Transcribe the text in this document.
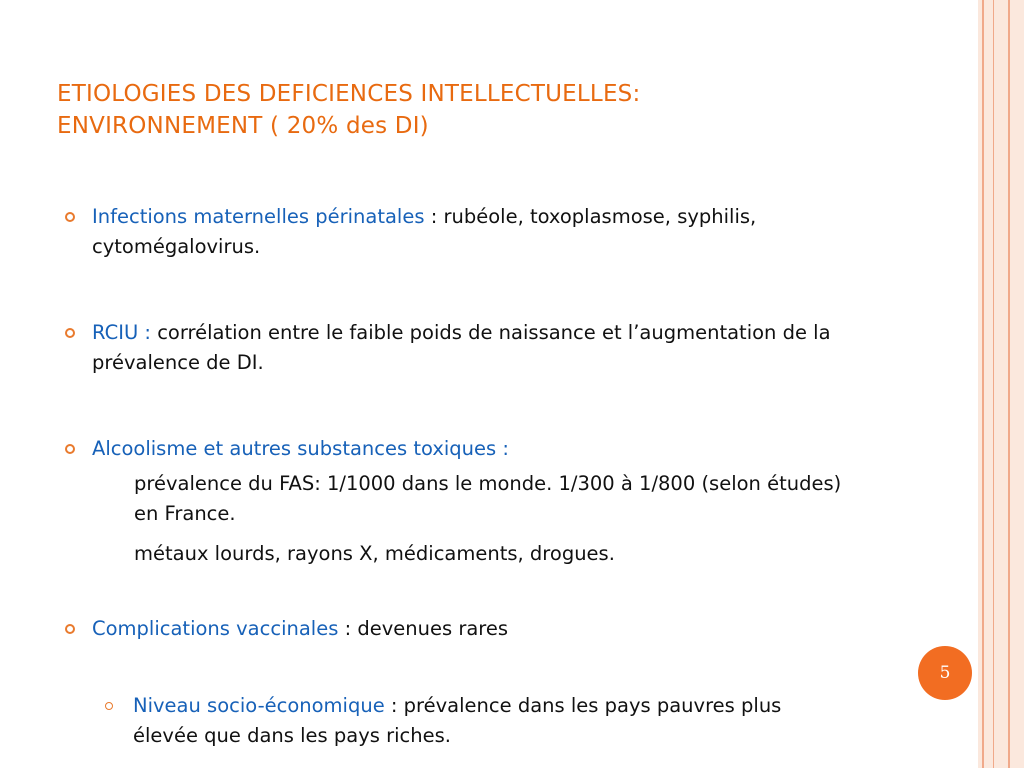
ETIOLOGIES DES DEFICIENCES INTELLECTUELLES:
ENVIRONNEMENT ( 20% des DI)
Infections maternelles périnatales : rubéole, toxoplasmose, syphilis, cytomégalovirus.
RCIU : corrélation entre le faible poids de naissance et l’augmentation de la prévalence de DI.
Alcoolisme et autres substances toxiques :
prévalence du FAS: 1/1000 dans le monde. 1/300 à 1/800 (selon études) en France.
métaux lourds, rayons X, médicaments, drogues.
Complications vaccinales : devenues rares
Niveau socio-économique : prévalence dans les pays pauvres plus élevée que dans les pays riches.
5
